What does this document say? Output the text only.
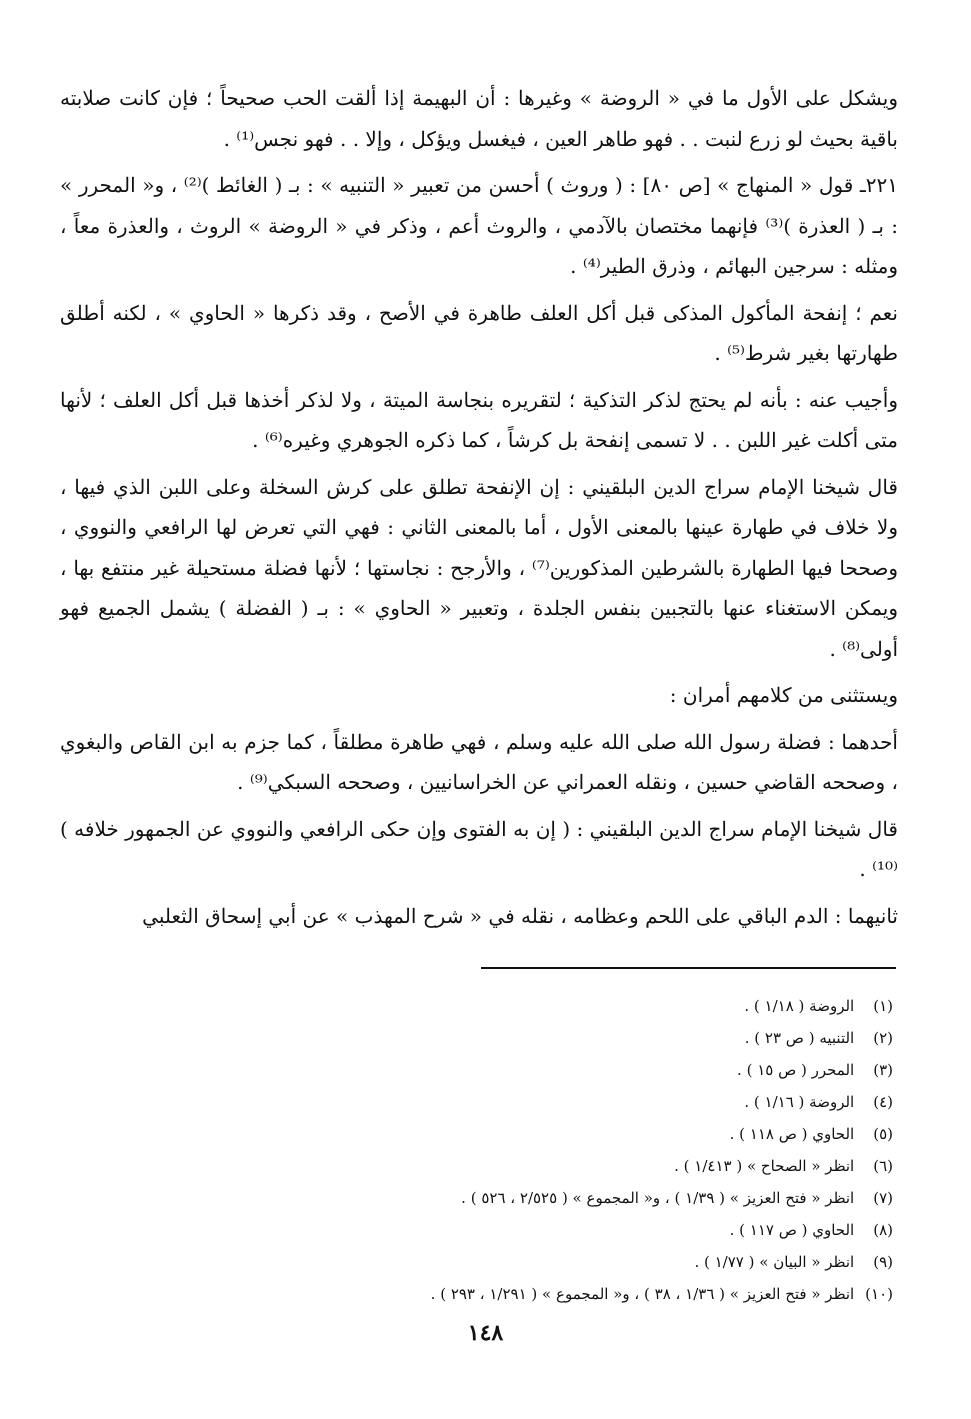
ويشكل على الأول ما في « الروضة » وغيرها : أن البهيمة إذا ألقت الحب صحيحاً ؛ فإن كانت صلابته باقية بحيث لو زرع لنبت . . فهو طاهر العين ، فيغسل ويؤكل ، وإلا . . فهو نجس⁽¹⁾ .

٢٢١ـ قول « المنهاج » [ص ٨٠] : ( وروث ) أحسن من تعبير « التنبيه » : بـ ( الغائط )⁽²⁾ ، و« المحرر » : بـ ( العذرة )⁽³⁾ فإنهما مختصان بالآدمي ، والروث أعم ، وذكر في « الروضة » الروث ، والعذرة معاً ، ومثله : سرجين البهائم ، وذرق الطير⁽⁴⁾ .

نعم ؛ إنفحة المأكول المذكى قبل أكل العلف طاهرة في الأصح ، وقد ذكرها « الحاوي » ، لكنه أطلق طهارتها بغير شرط⁽⁵⁾ .

وأجيب عنه : بأنه لم يحتج لذكر التذكية ؛ لتقريره بنجاسة الميتة ، ولا لذكر أخذها قبل أكل العلف ؛ لأنها متى أكلت غير اللبن . . لا تسمى إنفحة بل كرشاً ، كما ذكره الجوهري وغيره⁽⁶⁾ .

قال شيخنا الإمام سراج الدين البلقيني : إن الإنفحة تطلق على كرش السخلة وعلى اللبن الذي فيها ، ولا خلاف في طهارة عينها بالمعنى الأول ، أما بالمعنى الثاني : فهي التي تعرض لها الرافعي والنووي ، وصححا فيها الطهارة بالشرطين المذكورين⁽⁷⁾ ، والأرجح : نجاستها ؛ لأنها فضلة مستحيلة غير منتفع بها ، ويمكن الاستغناء عنها بالتجبين بنفس الجلدة ، وتعبير « الحاوي » : بـ ( الفضلة ) يشمل الجميع فهو أولى⁽⁸⁾ .

ويستثنى من كلامهم أمران :

أحدهما : فضلة رسول الله صلى الله عليه وسلم ، فهي طاهرة مطلقاً ، كما جزم به ابن القاص والبغوي ، وصححه القاضي حسين ، ونقله العمراني عن الخراسانيين ، وصححه السبكي⁽⁹⁾ .

قال شيخنا الإمام سراج الدين البلقيني : ( إن به الفتوى وإن حكى الرافعي والنووي عن الجمهور خلافه )⁽¹⁰⁾ .

ثانيهما : الدم الباقي على اللحم وعظامه ، نقله في « شرح المهذب » عن أبي إسحاق الثعلبي

(١) الروضة ( ١/١٨ ) .
(٢) التنبيه ( ص ٢٣ ) .
(٣) المحرر ( ص ١٥ ) .
(٤) الروضة ( ١/١٦ ) .
(٥) الحاوي ( ص ١١٨ ) .
(٦) انظر « الصحاح » ( ١/٤١٣ ) .
(٧) انظر « فتح العزيز » ( ١/٣٩ ) ، و« المجموع » ( ٢/٥٢٥ ، ٥٢٦ ) .
(٨) الحاوي ( ص ١١٧ ) .
(٩) انظر « البيان » ( ١/٧٧ ) .
(١٠) انظر « فتح العزيز » ( ١/٣٦ ، ٣٨ ) ، و« المجموع » ( ١/٢٩١ ، ٢٩٣ ) .
١٤٨
